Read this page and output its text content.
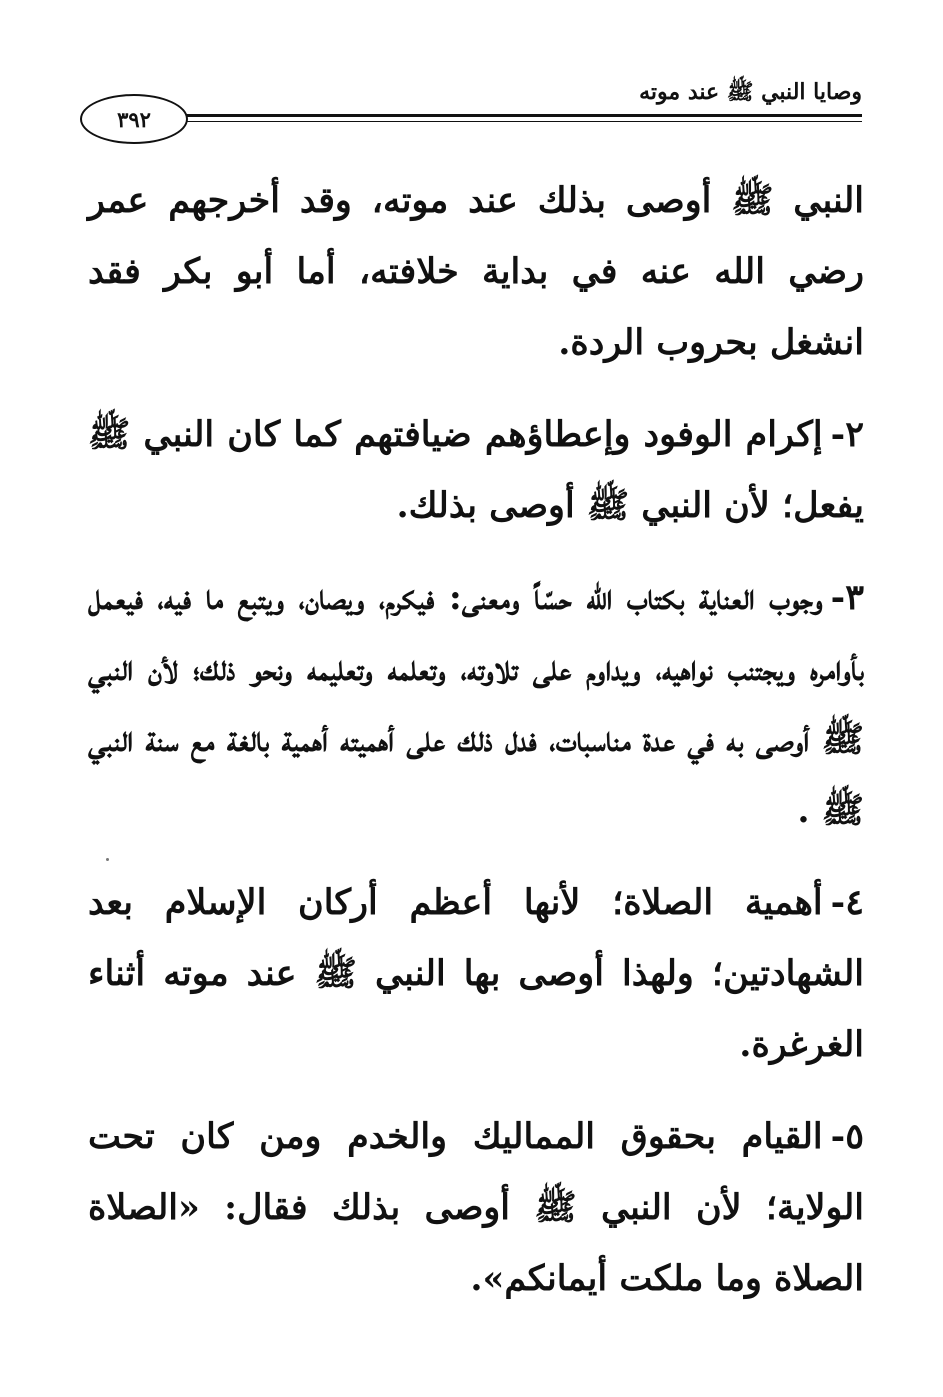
وصايا النبي ﷺ عند موته
٣٩٢

النبي ﷺ أوصى بذلك عند موته، وقد أخرجهم عمر رضي الله عنه في بداية خلافته، أما أبو بكر فقد انشغل بحروب الردة.

٢-إكرام الوفود وإعطاؤهم ضيافتهم كما كان النبي ﷺ يفعل؛ لأن النبي ﷺ أوصى بذلك.

٣-وجوب العناية بكتاب الله حسّاً ومعنى: فيكرم، ويصان، ويتبع ما فيه، فيعمل بأوامره ويجتنب نواهيه، ويداوم على تلاوته، وتعلمه وتعليمه ونحو ذلك؛ لأن النبي ﷺ أوصى به في عدة مناسبات، فدل ذلك على أهميته أهمية بالغة مع سنة النبي ﷺ .

٤-أهمية الصلاة؛ لأنها أعظم أركان الإسلام بعد الشهادتين؛ ولهذا أوصى بها النبي ﷺ عند موته أثناء الغرغرة.

٥-القيام بحقوق المماليك والخدم ومن كان تحت الولاية؛ لأن النبي ﷺ أوصى بذلك فقال: «الصلاة الصلاة وما ملكت أيمانكم».
